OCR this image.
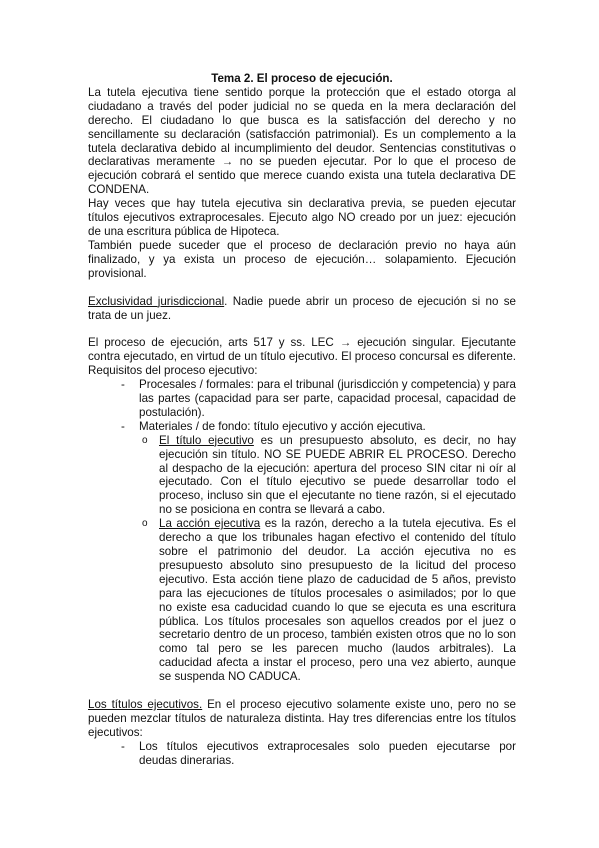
Tema 2. El proceso de ejecución.

La tutela ejecutiva tiene sentido porque la protección que el estado otorga al ciudadano a través del poder judicial no se queda en la mera declaración del derecho. El ciudadano lo que busca es la satisfacción del derecho y no sencillamente su declaración (satisfacción patrimonial). Es un complemento a la tutela declarativa debido al incumplimiento del deudor. Sentencias constitutivas o declarativas meramente → no se pueden ejecutar. Por lo que el proceso de ejecución cobrará el sentido que merece cuando exista una tutela declarativa DE CONDENA.

Hay veces que hay tutela ejecutiva sin declarativa previa, se pueden ejecutar títulos ejecutivos extraprocesales. Ejecuto algo NO creado por un juez: ejecución de una escritura pública de Hipoteca.

También puede suceder que el proceso de declaración previo no haya aún finalizado, y ya exista un proceso de ejecución… solapamiento. Ejecución provisional.

Exclusividad jurisdiccional. Nadie puede abrir un proceso de ejecución si no se trata de un juez.

El proceso de ejecución, arts 517 y ss. LEC → ejecución singular. Ejecutante contra ejecutado, en virtud de un título ejecutivo. El proceso concursal es diferente. Requisitos del proceso ejecutivo:

- Procesales / formales: para el tribunal (jurisdicción y competencia) y para las partes (capacidad para ser parte, capacidad procesal, capacidad de postulación).
- Materiales / de fondo: título ejecutivo y acción ejecutiva.
o El título ejecutivo es un presupuesto absoluto, es decir, no hay ejecución sin título. NO SE PUEDE ABRIR EL PROCESO. Derecho al despacho de la ejecución: apertura del proceso SIN citar ni oír al ejecutado. Con el título ejecutivo se puede desarrollar todo el proceso, incluso sin que el ejecutante no tiene razón, si el ejecutado no se posiciona en contra se llevará a cabo.
o La acción ejecutiva es la razón, derecho a la tutela ejecutiva. Es el derecho a que los tribunales hagan efectivo el contenido del título sobre el patrimonio del deudor. La acción ejecutiva no es presupuesto absoluto sino presupuesto de la licitud del proceso ejecutivo. Esta acción tiene plazo de caducidad de 5 años, previsto para las ejecuciones de títulos procesales o asimilados; por lo que no existe esa caducidad cuando lo que se ejecuta es una escritura pública. Los títulos procesales son aquellos creados por el juez o secretario dentro de un proceso, también existen otros que no lo son como tal pero se les parecen mucho (laudos arbitrales). La caducidad afecta a instar el proceso, pero una vez abierto, aunque se suspenda NO CADUCA.

Los títulos ejecutivos. En el proceso ejecutivo solamente existe uno, pero no se pueden mezclar títulos de naturaleza distinta. Hay tres diferencias entre los títulos ejecutivos:

- Los títulos ejecutivos extraprocesales solo pueden ejecutarse por deudas dinerarias.
